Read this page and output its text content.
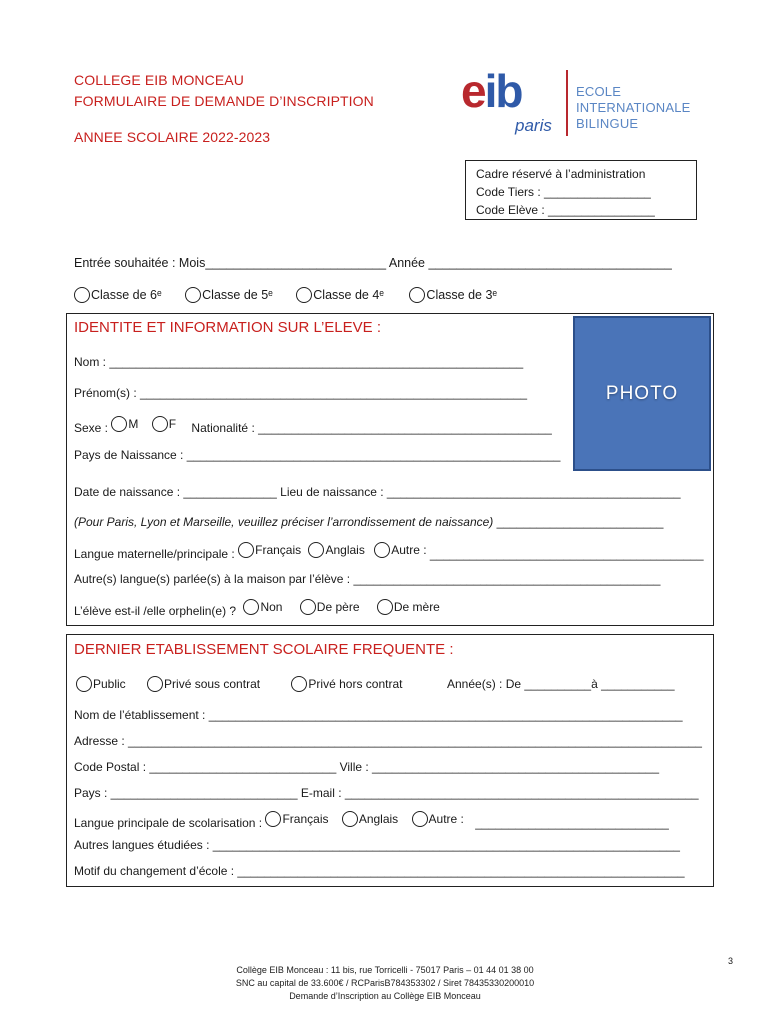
COLLEGE EIB MONCEAU
FORMULAIRE DE DEMANDE D’INSCRIPTION
ANNEE SCOLAIRE 2022-2023
eib
paris
ECOLE
INTERNATIONALE
BILINGUE
Cadre réservé à l’administration
Code Tiers : ________________
Code Elève : ________________
Entrée souhaitée : Mois__________________________ Année ___________________________________
Classe de 6ᵉ
	Classe de 5ᵉ
	Classe de 4ᵉ
	Classe de 3ᵉ
IDENTITE ET INFORMATION SUR L’ELEVE :
PHOTO
Nom : ______________________________________________________________
Prénom(s) : __________________________________________________________
Sexe : M
	F Nationalité : ____________________________________________
Pays de Naissance : ________________________________________________________
Date de naissance : ______________ Lieu de naissance : ____________________________________________
(Pour Paris, Lyon et Marseille, veuillez préciser l’arrondissement de naissance) _________________________
Langue maternelle/principale : Français
Anglais
Autre : _________________________________________
Autre(s) langue(s) parlée(s) à la maison par l’élève : ______________________________________________
L’élève est-il /elle orphelin(e) ? Non
	De père
	De mère
DERNIER ETABLISSEMENT SCOLAIRE FREQUENTE :
Public
	Privé sous contrat
	Privé hors contrat	Année(s) : De __________à ___________
Nom de l’établissement : _______________________________________________________________________
Adresse : ______________________________________________________________________________________
Code Postal : ____________________________ Ville : ___________________________________________
Pays : ____________________________ E-mail : _____________________________________________________
Langue principale de scolarisation : Français
	Anglais
	Autre : _____________________________
Autres langues étudiées : ______________________________________________________________________
Motif du changement d’école : ___________________________________________________________________
3
Collège EIB Monceau : 11 bis, rue Torricelli - 75017 Paris – 01 44 01 38 00
SNC au capital de 33.600€ / RCParisB784353302 / Siret 78435330200010
Demande d’Inscription au Collège EIB Monceau
